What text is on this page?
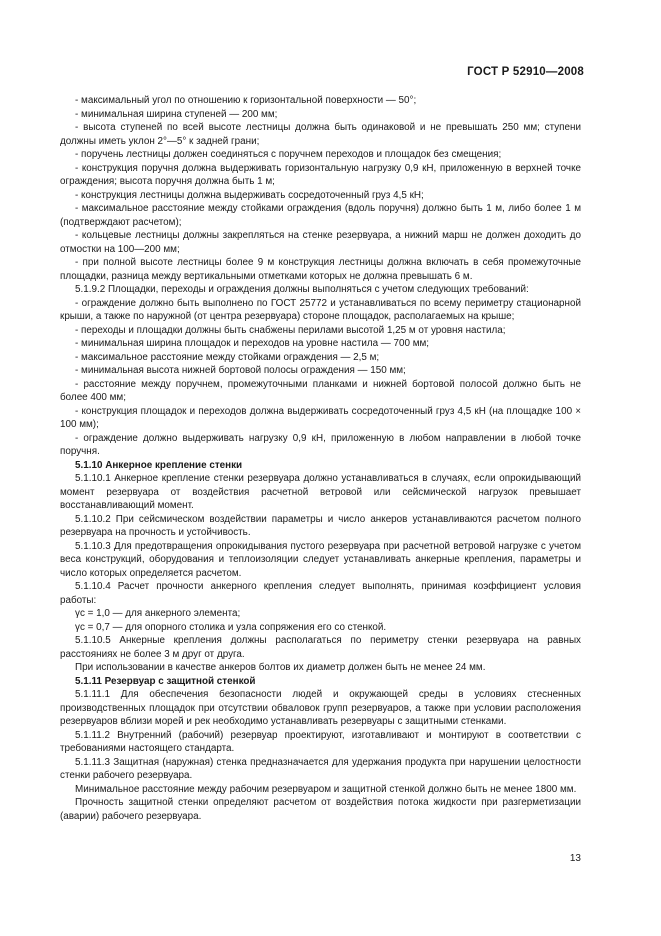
ГОСТ Р 52910—2008

- максимальный угол по отношению к горизонтальной поверхности — 50°;

- минимальная ширина ступеней — 200 мм;

- высота ступеней по всей высоте лестницы должна быть одинаковой и не превышать 250 мм; ступени должны иметь уклон 2°—5° к задней грани;

- поручень лестницы должен соединяться с поручнем переходов и площадок без смещения;

- конструкция поручня должна выдерживать горизонтальную нагрузку 0,9 кН, приложенную в верхней точке ограждения; высота поручня должна быть 1 м;

- конструкция лестницы должна выдерживать сосредоточенный груз 4,5 кН;

- максимальное расстояние между стойками ограждения (вдоль поручня) должно быть 1 м, либо более 1 м (подтверждают расчетом);

- кольцевые лестницы должны закрепляться на стенке резервуара, а нижний марш не должен доходить до отмостки на 100—200 мм;

- при полной высоте лестницы более 9 м конструкция лестницы должна включать в себя промежуточные площадки, разница между вертикальными отметками которых не должна превышать 6 м.

5.1.9.2 Площадки, переходы и ограждения должны выполняться с учетом следующих требований:

- ограждение должно быть выполнено по ГОСТ 25772 и устанавливаться по всему периметру стационарной крыши, а также по наружной (от центра резервуара) стороне площадок, располагаемых на крыше;

- переходы и площадки должны быть снабжены перилами высотой 1,25 м от уровня настила;

- минимальная ширина площадок и переходов на уровне настила — 700 мм;

- максимальное расстояние между стойками ограждения — 2,5 м;

- минимальная высота нижней бортовой полосы ограждения — 150 мм;

- расстояние между поручнем, промежуточными планками и нижней бортовой полосой должно быть не более 400 мм;

- конструкция площадок и переходов должна выдерживать сосредоточенный груз 4,5 кН (на площадке 100 × 100 мм);

- ограждение должно выдерживать нагрузку 0,9 кН, приложенную в любом направлении в любой точке поручня.

5.1.10 Анкерное крепление стенки

5.1.10.1 Анкерное крепление стенки резервуара должно устанавливаться в случаях, если опрокидывающий момент резервуара от воздействия расчетной ветровой или сейсмической нагрузок превышает восстанавливающий момент.

5.1.10.2 При сейсмическом воздействии параметры и число анкеров устанавливаются расчетом полного резервуара на прочность и устойчивость.

5.1.10.3 Для предотвращения опрокидывания пустого резервуара при расчетной ветровой нагрузке с учетом веса конструкций, оборудования и теплоизоляции следует устанавливать анкерные крепления, параметры и число которых определяется расчетом.

5.1.10.4 Расчет прочности анкерного крепления следует выполнять, принимая коэффициент условия работы:

γc = 1,0 — для анкерного элемента;

γc = 0,7 — для опорного столика и узла сопряжения его со стенкой.

5.1.10.5 Анкерные крепления должны располагаться по периметру стенки резервуара на равных расстояниях не более 3 м друг от друга.

При использовании в качестве анкеров болтов их диаметр должен быть не менее 24 мм.

5.1.11 Резервуар с защитной стенкой

5.1.11.1 Для обеспечения безопасности людей и окружающей среды в условиях стесненных производственных площадок при отсутствии обваловок групп резервуаров, а также при условии расположения резервуаров вблизи морей и рек необходимо устанавливать резервуары с защитными стенками.

5.1.11.2 Внутренний (рабочий) резервуар проектируют, изготавливают и монтируют в соответствии с требованиями настоящего стандарта.

5.1.11.3 Защитная (наружная) стенка предназначается для удержания продукта при нарушении целостности стенки рабочего резервуара.

Минимальное расстояние между рабочим резервуаром и защитной стенкой должно быть не менее 1800 мм.

Прочность защитной стенки определяют расчетом от воздействия потока жидкости при разгерметизации (аварии) рабочего резервуара.

13
